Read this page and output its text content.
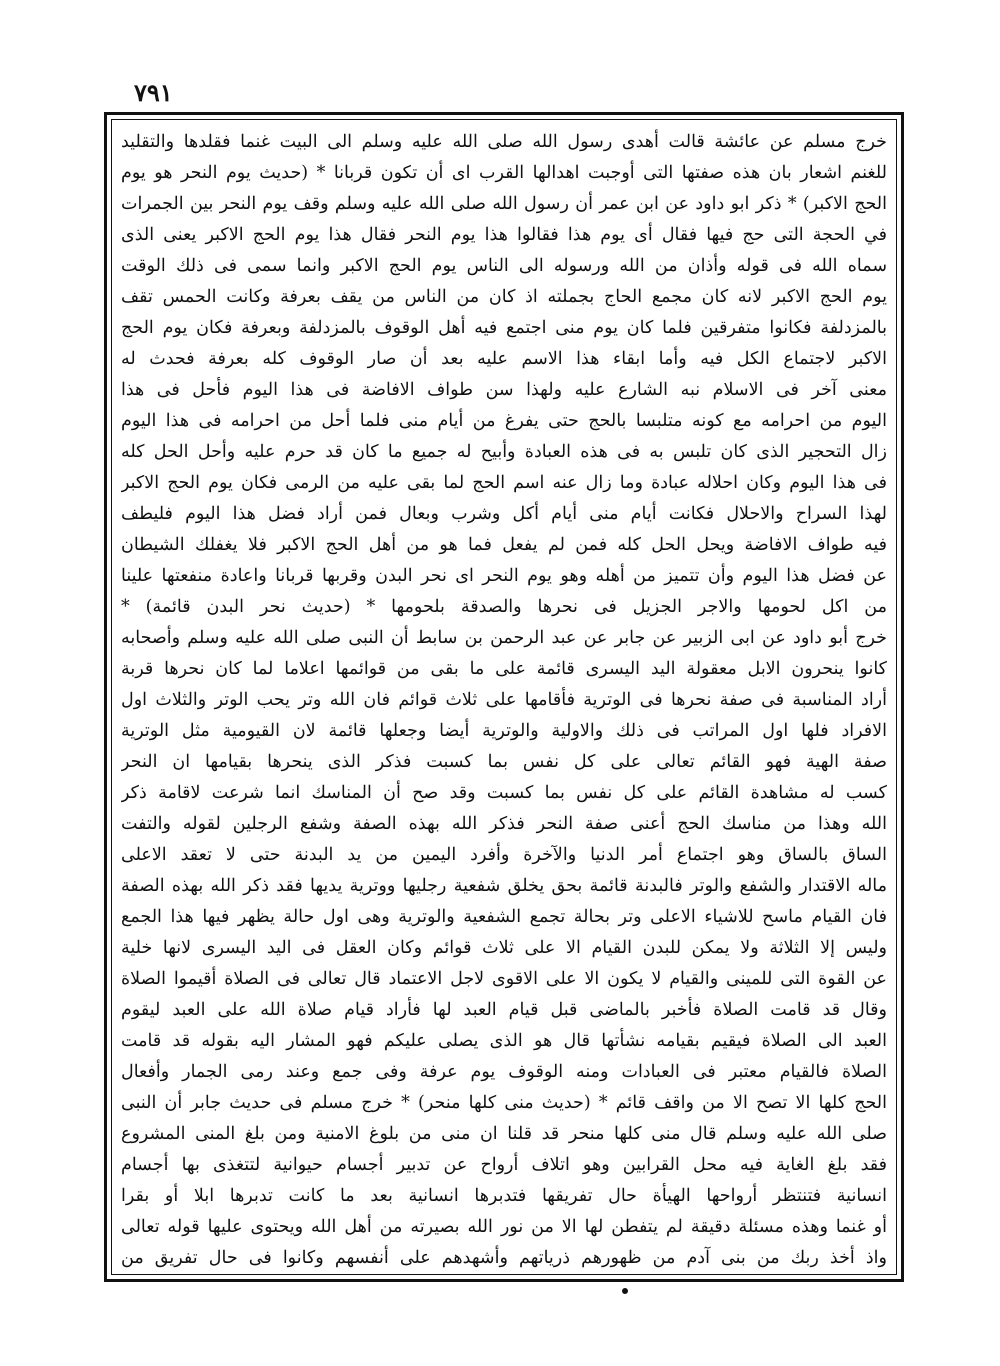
٧٩١
خرج مسلم عن عائشة قالت أهدى رسول الله صلى الله عليه وسلم الى البيت غنما فقلدها والتقليد
للغنم اشعار بان هذه صفتها التى أوجبت اهدالها القرب اى أن تكون قربانا * (حديث يوم النحر هو يوم
الحج الاكبر) * ذكر ابو داود عن ابن عمر أن رسول الله صلى الله عليه وسلم وقف يوم النحر بين الجمرات
في الحجة التى حج فيها فقال أى يوم هذا فقالوا هذا يوم النحر فقال هذا يوم الحج الاكبر يعنى الذى
سماه الله فى قوله وأذان من الله ورسوله الى الناس يوم الحج الاكبر وانما سمى فى ذلك الوقت
يوم الحج الاكبر لانه كان مجمع الحاج بجملته اذ كان من الناس من يقف بعرفة وكانت الحمس تقف
بالمزدلفة فكانوا متفرقين فلما كان يوم منى اجتمع فيه أهل الوقوف بالمزدلفة وبعرفة فكان يوم الحج
الاكبر لاجتماع الكل فيه وأما ابقاء هذا الاسم عليه بعد أن صار الوقوف كله بعرفة فحدث له
معنى آخر فى الاسلام نبه الشارع عليه ولهذا سن طواف الافاضة فى هذا اليوم فأحل فى هذا
اليوم من احرامه مع كونه متلبسا بالحج حتى يفرغ من أيام منى فلما أحل من احرامه فى هذا اليوم
زال التحجير الذى كان تلبس به فى هذه العبادة وأبيح له جميع ما كان قد حرم عليه وأحل الحل كله
فى هذا اليوم وكان احلاله عبادة وما زال عنه اسم الحج لما بقى عليه من الرمى فكان يوم الحج الاكبر
لهذا السراح والاحلال فكانت أيام منى أيام أكل وشرب وبعال فمن أراد فضل هذا اليوم فليطف
فيه طواف الافاضة ويحل الحل كله فمن لم يفعل فما هو من أهل الحج الاكبر فلا يغفلك الشيطان
عن فضل هذا اليوم وأن تتميز من أهله وهو يوم النحر اى نحر البدن وقربها قربانا واعادة منفعتها علينا
من اكل لحومها والاجر الجزيل فى نحرها والصدقة بلحومها * (حديث نحر البدن قائمة) *
خرج أبو داود عن ابى الزبير عن جابر عن عبد الرحمن بن سابط أن النبى صلى الله عليه وسلم وأصحابه
كانوا ينحرون الابل معقولة اليد اليسرى قائمة على ما بقى من قوائمها اعلاما لما كان نحرها قربة
أراد المناسبة فى صفة نحرها فى الوترية فأقامها على ثلاث قوائم فان الله وتر يحب الوتر والثلاث اول
الافراد فلها اول المراتب فى ذلك والاولية والوترية أيضا وجعلها قائمة لان القيومية مثل الوترية
صفة الهية فهو القائم تعالى على كل نفس بما كسبت فذكر الذى ينحرها بقيامها ان النحر
كسب له مشاهدة القائم على كل نفس بما كسبت وقد صح أن المناسك انما شرعت لاقامة ذكر
الله وهذا من مناسك الحج أعنى صفة النحر فذكر الله بهذه الصفة وشفع الرجلين لقوله والتفت
الساق بالساق وهو اجتماع أمر الدنيا والآخرة وأفرد اليمين من يد البدنة حتى لا تعقد الاعلى
ماله الاقتدار والشفع والوتر فالبدنة قائمة بحق يخلق شفعية رجليها ووترية يديها فقد ذكر الله بهذه الصفة
فان القيام ماسح للاشياء الاعلى وتر بحالة تجمع الشفعية والوترية وهى اول حالة يظهر فيها هذا الجمع
وليس إلا الثلاثة ولا يمكن للبدن القيام الا على ثلاث قوائم وكان العقل فى اليد اليسرى لانها خلية
عن القوة التى للمينى والقيام لا يكون الا على الاقوى لاجل الاعتماد قال تعالى فى الصلاة أقيموا الصلاة
وقال قد قامت الصلاة فأخبر بالماضى قبل قيام العبد لها فأراد قيام صلاة الله على العبد ليقوم
العبد الى الصلاة فيقيم بقيامه نشأتها قال هو الذى يصلى عليكم فهو المشار اليه بقوله قد قامت
الصلاة فالقيام معتبر فى العبادات ومنه الوقوف يوم عرفة وفى جمع وعند رمى الجمار وأفعال
الحج كلها الا تصح الا من واقف قائم * (حديث منى كلها منحر) * خرج مسلم فى حديث جابر أن النبى
صلى الله عليه وسلم قال منى كلها منحر قد قلنا ان منى من بلوغ الامنية ومن بلغ المنى المشروع
فقد بلغ الغاية فيه محل القرابين وهو اتلاف أرواح عن تدبير أجسام حيوانية لتتغذى بها أجسام
انسانية فتنتظر أرواحها الهيأة حال تفريقها فتدبرها انسانية بعد ما كانت تدبرها ابلا أو بقرا
أو غنما وهذه مسئلة دقيقة لم يتفطن لها الا من نور الله بصيرته من أهل الله ويحتوى عليها قوله تعالى
واذ أخذ ربك من بنى آدم من ظهورهم ذرياتهم وأشهدهم على أنفسهم وكانوا فى حال تفريق من
